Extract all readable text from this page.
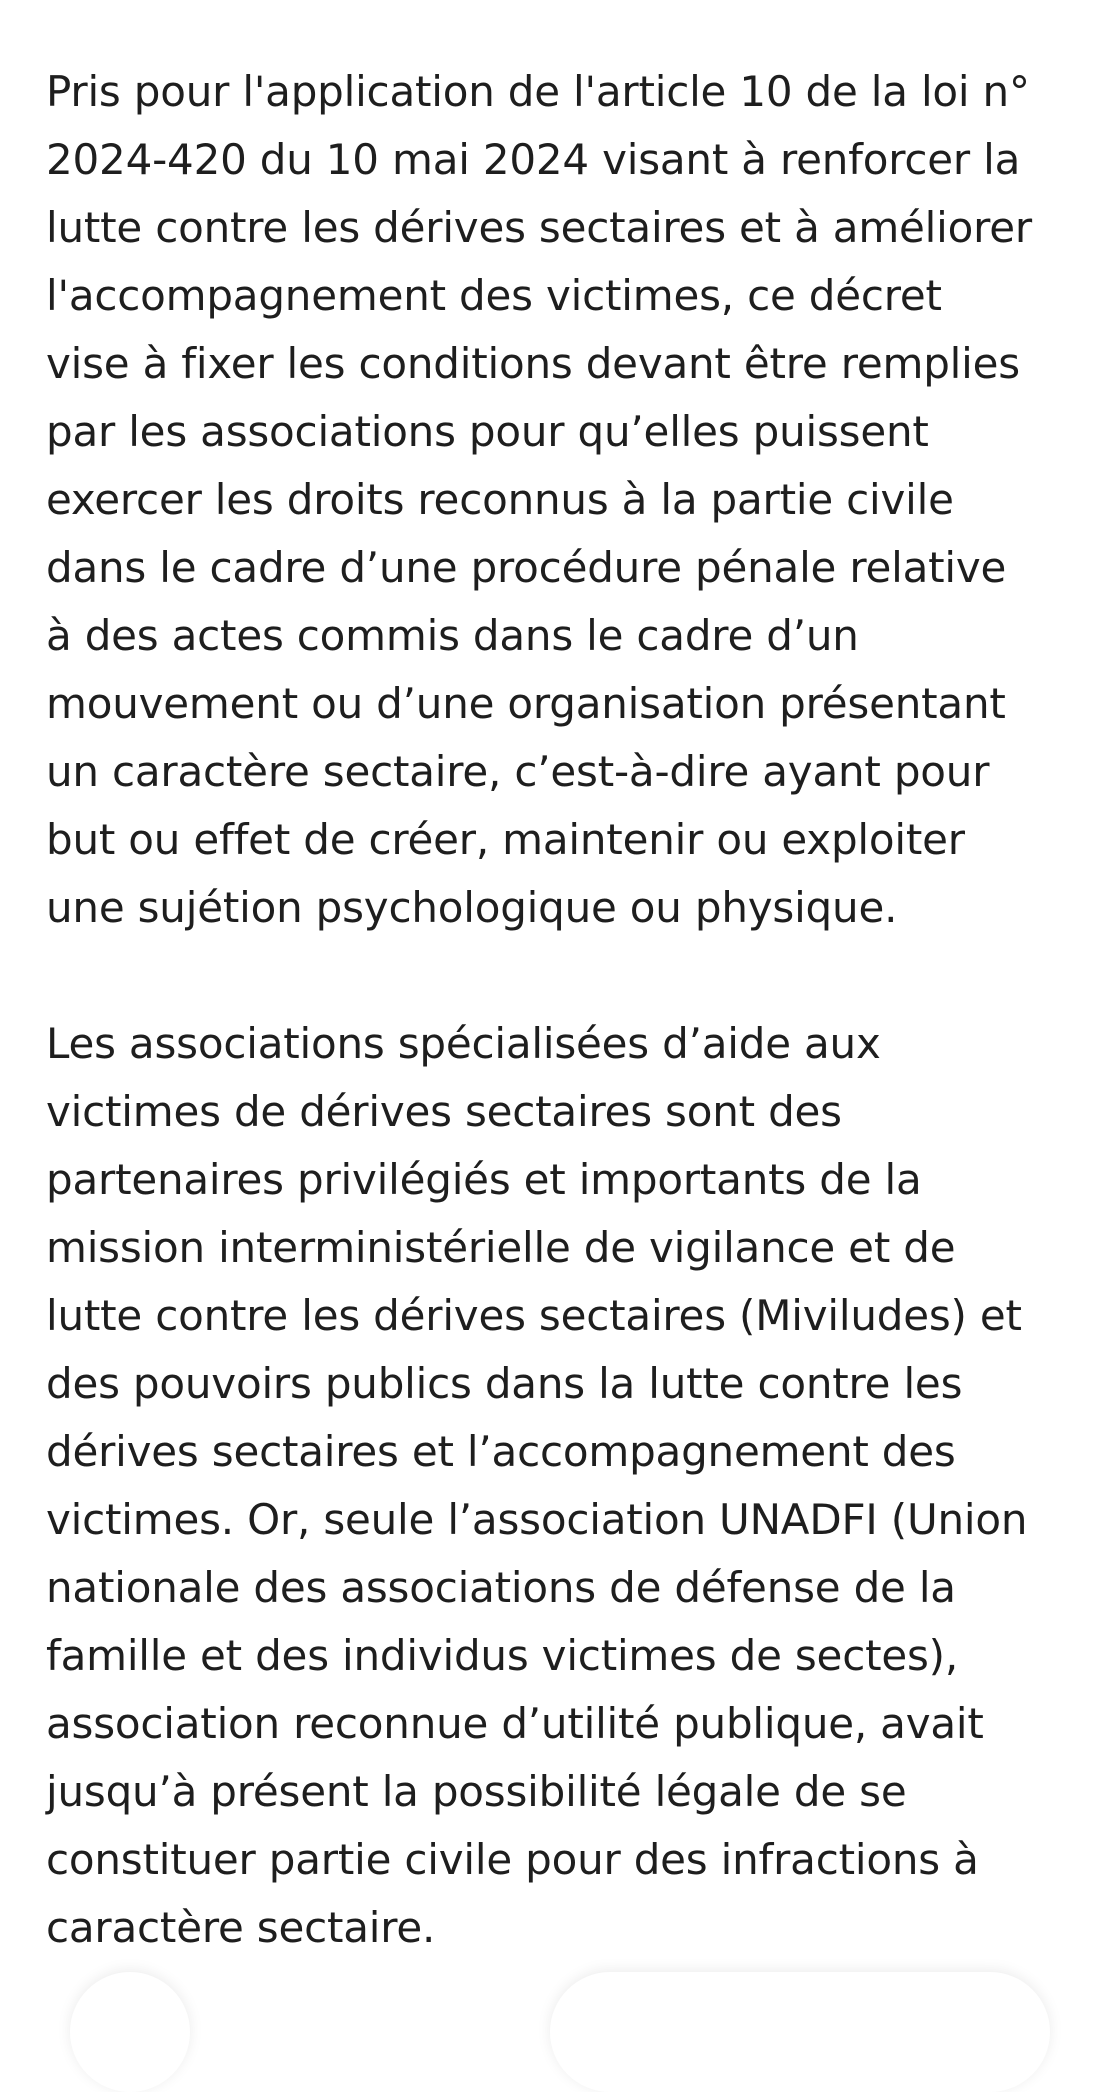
Pris pour l'application de l'article 10 de la loi n°
2024-420 du 10 mai 2024 visant à renforcer la
lutte contre les dérives sectaires et à améliorer
l'accompagnement des victimes, ce décret
vise à fixer les conditions devant être remplies
par les associations pour qu’elles puissent
exercer les droits reconnus à la partie civile
dans le cadre d’une procédure pénale relative
à des actes commis dans le cadre d’un
mouvement ou d’une organisation présentant
un caractère sectaire, c’est-à-dire ayant pour
but ou effet de créer, maintenir ou exploiter
une sujétion psychologique ou physique.

Les associations spécialisées d’aide aux
victimes de dérives sectaires sont des
partenaires privilégiés et importants de la
mission interministérielle de vigilance et de
lutte contre les dérives sectaires (Miviludes) et
des pouvoirs publics dans la lutte contre les
dérives sectaires et l’accompagnement des
victimes. Or, seule l’association UNADFI (Union
nationale des associations de défense de la
famille et des individus victimes de sectes),
association reconnue d’utilité publique, avait
jusqu’à présent la possibilité légale de se
constituer partie civile pour des infractions à
caractère sectaire.
